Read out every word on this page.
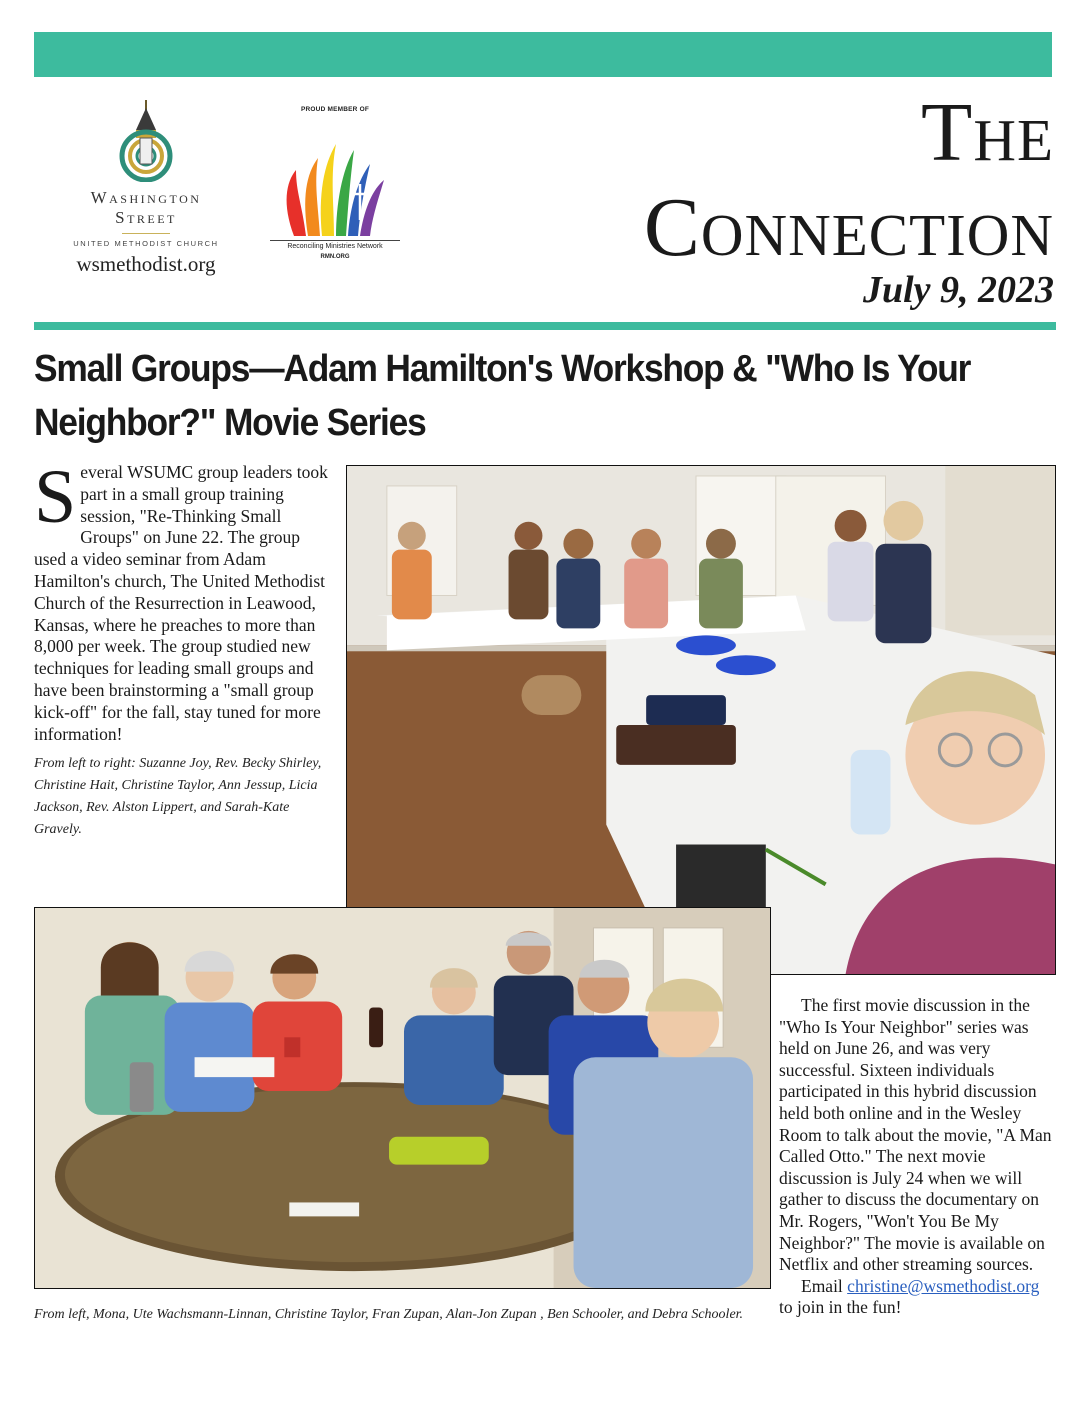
Washington
Street
UNITED METHODIST CHURCH
wsmethodist.org
PROUD MEMBER OF
Reconciling Ministries Network
RMN.ORG
The
Connection
July 9, 2023
Small Groups—Adam Hamilton's Workshop & "Who Is Your Neighbor?" Movie Series

Several WSUMC group leaders took part in a small group training session, "Re-Thinking Small Groups" on June 22. The group used a video seminar from Adam Hamilton's church, The United Methodist Church of the Resurrection in Leawood, Kansas, where he preaches to more than 8,000 per week. The group studied new techniques for leading small groups and have been brainstorming a "small group kick-off" for the fall, stay tuned for more information!

From left to right: Suzanne Joy, Rev. Becky Shirley, Christine Hait, Christine Taylor, Ann Jessup, Licia Jackson, Rev. Alston Lippert, and Sarah-Kate Gravely.

From left, Mona, Ute Wachsmann-Linnan, Christine Taylor, Fran Zupan, Alan-Jon Zupan , Ben Schooler, and Debra Schooler.

The first movie discussion in the "Who Is Your Neighbor" series was held on June 26, and was very successful. Sixteen individuals participated in this hybrid discussion held both online and in the Wesley Room to talk about the movie, "A Man Called Otto." The next movie discussion is July 24 when we will gather to discuss the documentary on Mr. Rogers, "Won't You Be My Neighbor?" The movie is available on Netflix and other streaming sources.

Email christine@wsmethodist.org to join in the fun!
